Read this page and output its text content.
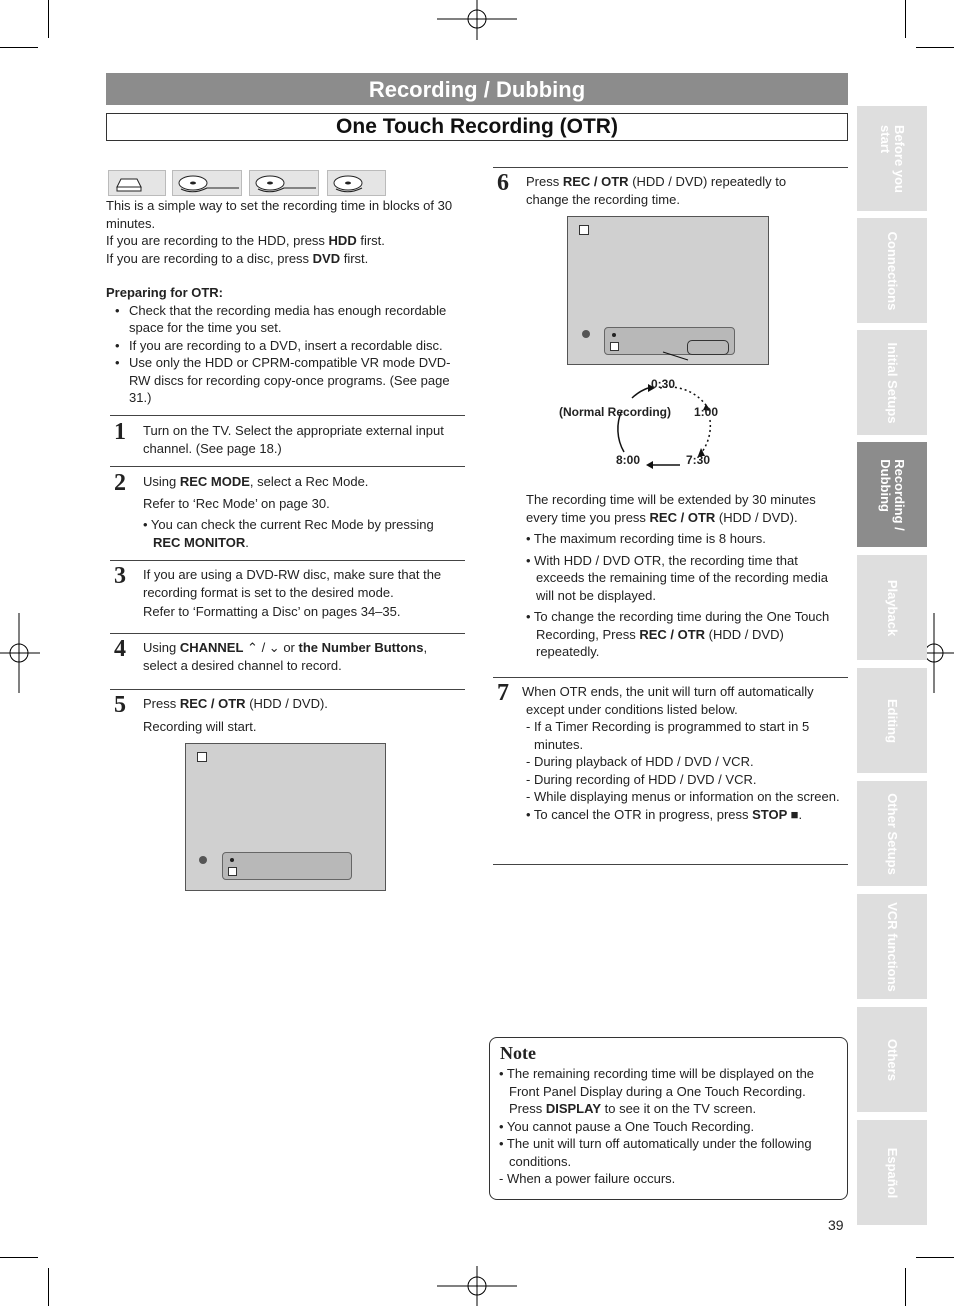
Recording / Dubbing
One Touch Recording (OTR)	Before you
start
Connections
Initial Setups
Recording /
Dubbing
Playback
Editing
Other Setups
VCR functions
Others
Español

This is a simple way to set the recording time in blocks of 30 minutes.

If you are recording to the HDD, press HDD first.

If you are recording to a disc, press DVD first.

Preparing for OTR:

• Check that the recording media has enough recordable space for the time you set.
• If you are recording to a DVD, insert a recordable disc.
• Use only the HDD or CPRM-compatible VR mode DVD-RW discs for recording copy-once programs. (See page 31.)
1 Turn on the TV. Select the appropriate external input channel. (See page 18.)
2 Using REC MODE, select a Rec Mode.

Refer to ‘Rec Mode’ on page 30.

• You can check the current Rec Mode by pressing REC MONITOR.

3 If you are using a DVD-RW disc, make sure that the recording format is set to the desired mode.

Refer to ‘Formatting a Disc’ on pages 34–35.

4 Using CHANNEL ⌃ / ⌄ or the Number Buttons, select a desired channel to record.
5 Press REC / OTR (HDD / DVD).

Recording will start.

6 Press REC / OTR (HDD / DVD) repeatedly to change the recording time.
0:30
(Normal Recording) 1:00
7:30
8:00

The recording time will be extended by 30 minutes every time you press REC / OTR (HDD / DVD).

• The maximum recording time is 8 hours.

• With HDD / DVD OTR, the recording time that exceeds the remaining time of the recording media will not be displayed.

• To change the recording time during the One Touch Recording, Press REC / OTR (HDD / DVD) repeatedly.

7 When OTR ends, the unit will turn off automatically except under conditions listed below.

- If a Timer Recording is programmed to start in 5 minutes.

- During playback of HDD / DVD / VCR.

- During recording of HDD / DVD / VCR.

- While displaying menus or information on the screen.

• To cancel the OTR in progress, press STOP ■.

Note

• The remaining recording time will be displayed on the Front Panel Display during a One Touch Recording. Press DISPLAY to see it on the TV screen.

• You cannot pause a One Touch Recording.

• The unit will turn off automatically under the following conditions.

- When a power failure occurs.

39
